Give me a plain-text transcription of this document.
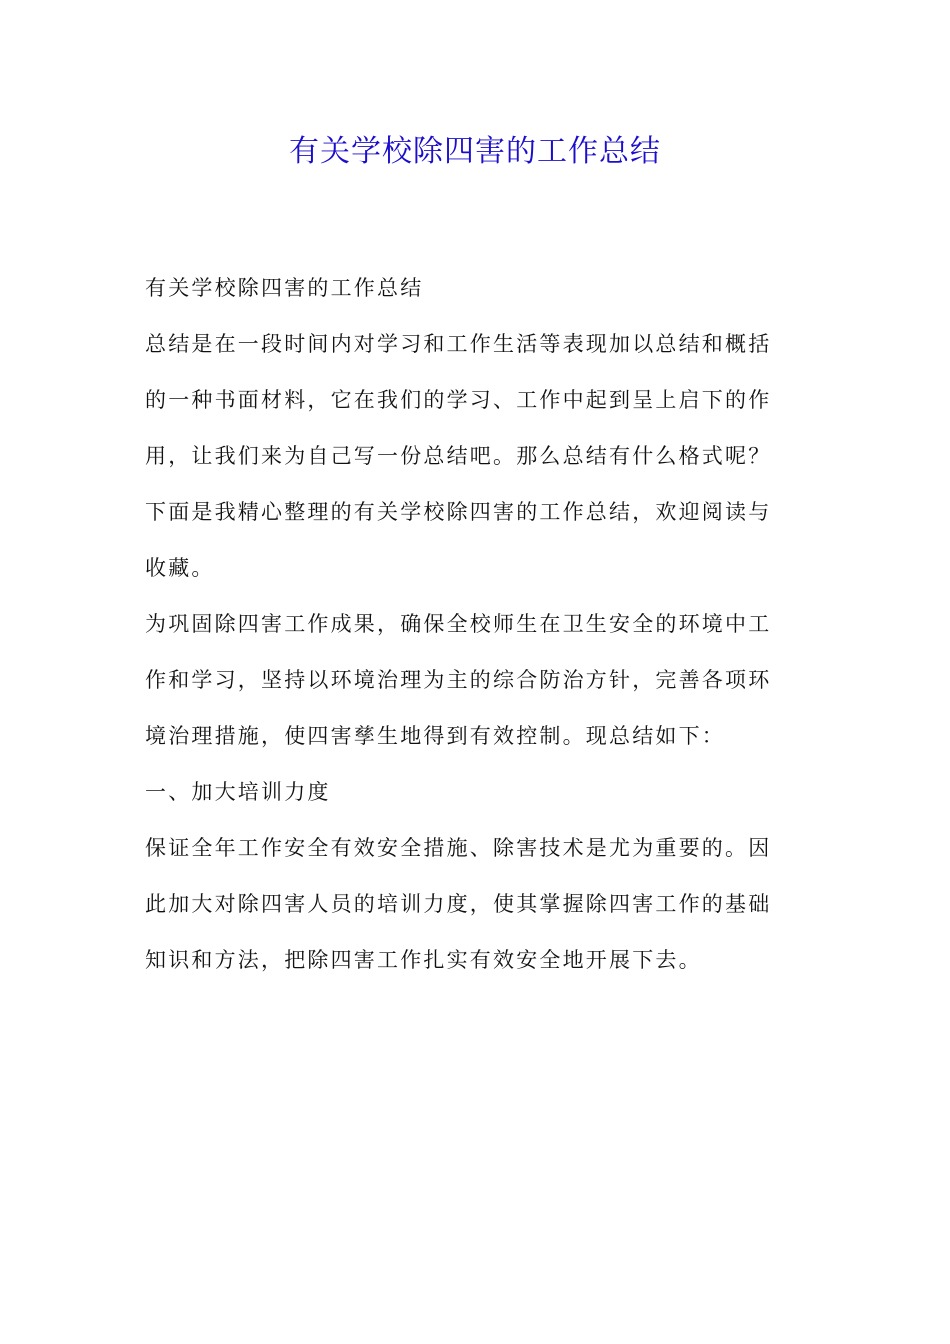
有关学校除四害的工作总结
有关学校除四害的工作总结
总结是在一段时间内对学习和工作生活等表现加以总结和概括
的一种书面材料，它在我们的学习、工作中起到呈上启下的作
用，让我们来为自己写一份总结吧。那么总结有什么格式呢？
下面是我精心整理的有关学校除四害的工作总结，欢迎阅读与
收藏。
为巩固除四害工作成果，确保全校师生在卫生安全的环境中工
作和学习，坚持以环境治理为主的综合防治方针，完善各项环
境治理措施，使四害孳生地得到有效控制。现总结如下：
一、加大培训力度
保证全年工作安全有效安全措施、除害技术是尤为重要的。因
此加大对除四害人员的培训力度，使其掌握除四害工作的基础
知识和方法，把除四害工作扎实有效安全地开展下去。
